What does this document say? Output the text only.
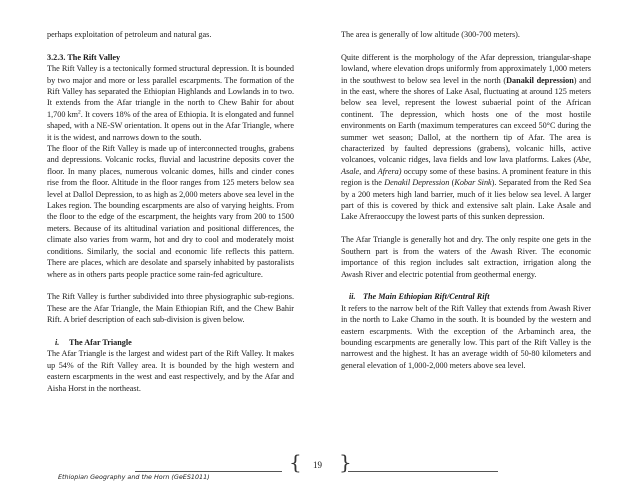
perhaps exploitation of petroleum and natural gas.

3.2.3. The Rift Valley

The Rift Valley is a tectonically formed structural depression. It is bounded by two major and more or less parallel escarpments. The formation of the Rift Valley has separated the Ethiopian Highlands and Lowlands in to two. It extends from the Afar triangle in the north to Chew Bahir for about 1,700 $km^2$. It covers 18% of the area of Ethiopia. It is elongated and funnel shaped, with a NE-SW orientation. It opens out in the Afar Triangle, where it is the widest, and narrows down to the south.

The floor of the Rift Valley is made up of interconnected troughs, grabens and depressions. Volcanic rocks, fluvial and lacustrine deposits cover the floor. In many places, numerous volcanic domes, hills and cinder cones rise from the floor. Altitude in the floor ranges from 125 meters below sea level at Dallol Depression, to as high as 2,000 meters above sea level in the Lakes region. The bounding escarpments are also of varying heights. From the floor to the edge of the escarpment, the heights vary from 200 to 1500 meters. Because of its altitudinal variation and positional differences, the climate also varies from warm, hot and dry to cool and moderately moist conditions. Similarly, the social and economic life reflects this pattern. There are places, which are desolate and sparsely inhabited by pastoralists where as in others parts people practice some rain-fed agriculture.

The Rift Valley is further subdivided into three physiographic sub-regions. These are the Afar Triangle, the Main Ethiopian Rift, and the Chew Bahir Rift. A brief description of each sub-division is given below.

i.	The Afar Triangle

The Afar Triangle is the largest and widest part of the Rift Valley. It makes up 54% of the Rift Valley area. It is bounded by the high western and eastern escarpments in the west and east respectively, and by the Afar and Aisha Horst in the northeast.

The area is generally of low altitude (300-700 meters).

Quite different is the morphology of the Afar depression, triangular-shape lowland, where elevation drops uniformly from approximately 1,000 meters in the southwest to below sea level in the north (Danakil depression) and in the east, where the shores of Lake Asal, fluctuating at around 125 meters below sea level, represent the lowest subaerial point of the African continent. The depression, which hosts one of the most hostile environments on Earth (maximum temperatures can exceed 50°C during the summer wet season; Dallol, at the northern tip of Afar. The area is characterized by faulted depressions (grabens), volcanic hills, active volcanoes, volcanic ridges, lava fields and low lava platforms. Lakes (Abe, Asale, and Afrera) occupy some of these basins. A prominent feature in this region is the Denakil Depression (Kobar Sink). Separated from the Red Sea by a 200 meters high land barrier, much of it lies below sea level. A larger part of this is covered by thick and extensive salt plain. Lake Asale and Lake Afreraoccupy the lowest parts of this sunken depression.

The Afar Triangle is generally hot and dry. The only respite one gets in the Southern part is from the waters of the Awash River. The economic importance of this region includes salt extraction, irrigation along the Awash River and electric potential from geothermal energy.

ii. The Main Ethiopian Rift/Central Rift

It refers to the narrow belt of the Rift Valley that extends from Awash River in the north to Lake Chamo in the south. It is bounded by the western and eastern escarpments. With the exception of the Arbaminch area, the bounding escarpments are generally low. This part of the Rift Valley is the narrowest and the highest. It has an average width of 50-80 kilometers and general elevation of 1,000-2,000 meters above sea level.

Ethiopian Geography and the Horn (GeES1011)
{ 19 }
